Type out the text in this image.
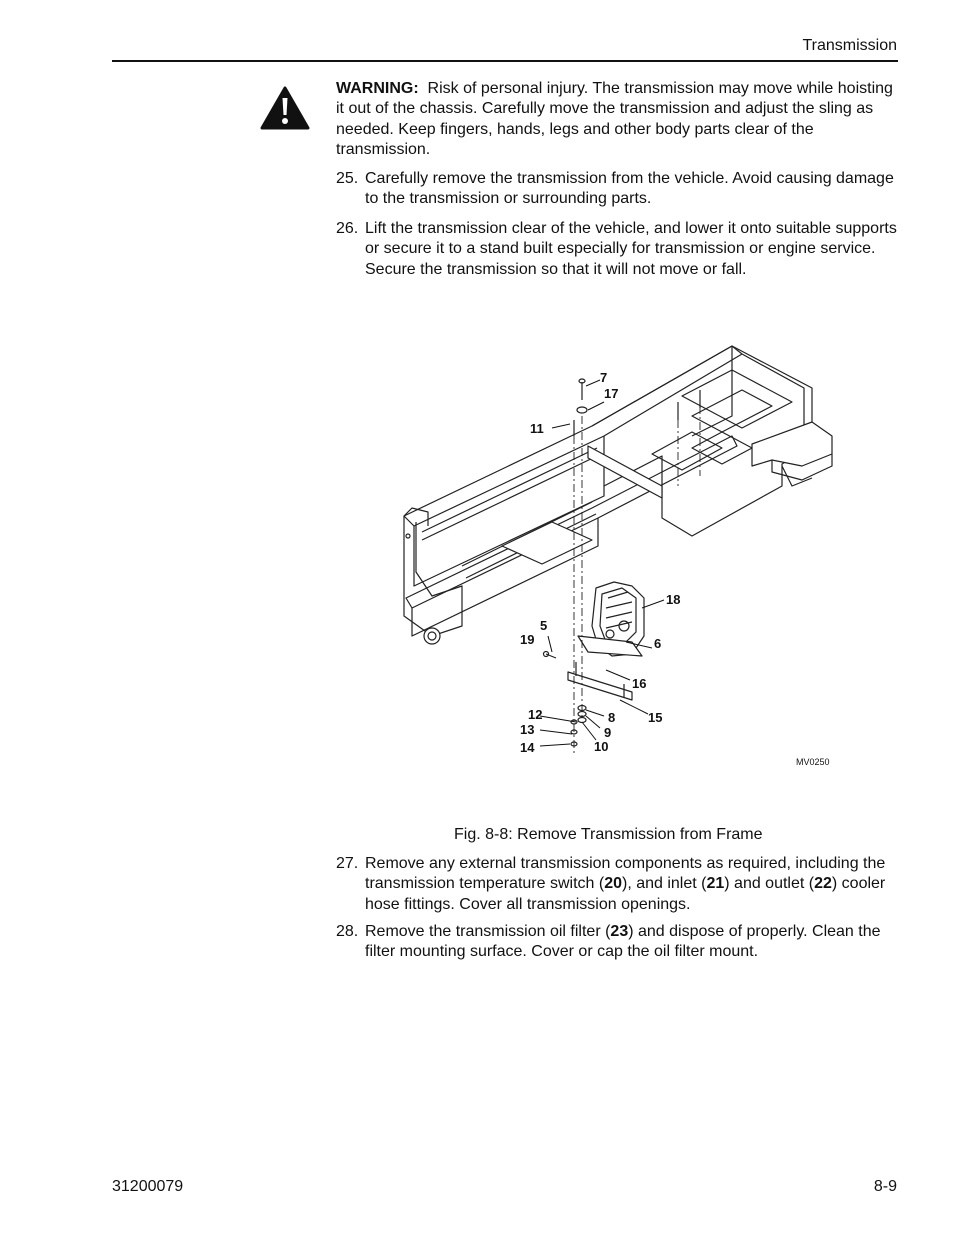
Transmission
WARNING: Risk of personal injury. The transmission may move while hoisting it out of the chassis. Carefully move the transmission and adjust the sling as needed. Keep fingers, hands, legs and other body parts clear of the transmission.
25. Carefully remove the transmission from the vehicle. Avoid causing damage to the transmission or surrounding parts.
26. Lift the transmission clear of the vehicle, and lower it onto suitable supports or secure it to a stand built especially for transmission or engine service. Secure the transmission so that it will not move or fall.
7
17
11
18
5
19	6
16
12
13
8	15
9
14	10
MV0250
Fig. 8-8: Remove Transmission from Frame
27. Remove any external transmission components as required, including the transmission temperature switch (20), and inlet (21) and outlet (22) cooler hose fittings. Cover all transmission openings.
28. Remove the transmission oil filter (23) and dispose of properly. Clean the filter mounting surface. Cover or cap the oil filter mount.
31200079	8-9
